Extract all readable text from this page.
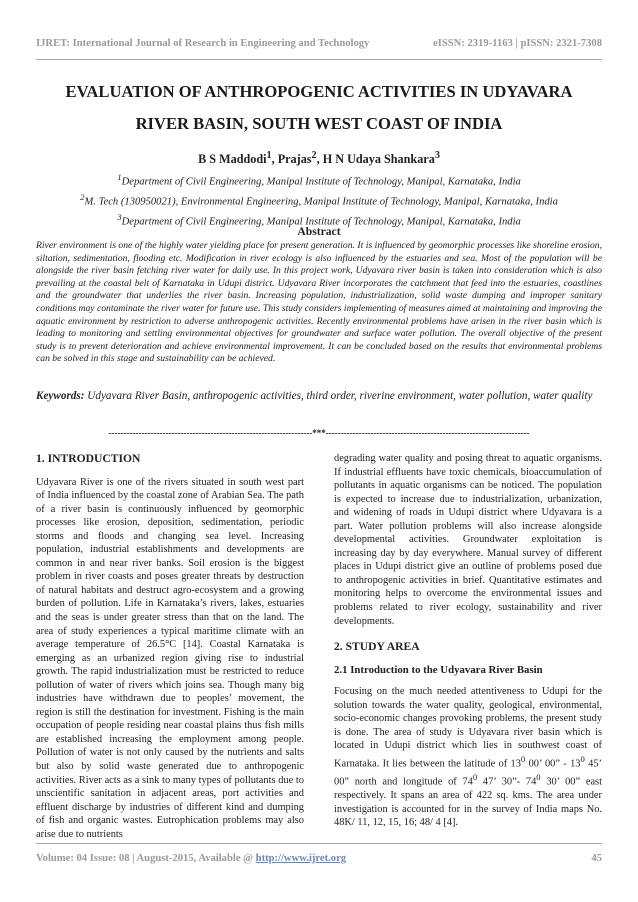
IJRET: International Journal of Research in Engineering and Technology	eISSN: 2319-1163 | pISSN: 2321-7308
EVALUATION OF ANTHROPOGENIC ACTIVITIES IN UDYAVARA
RIVER BASIN, SOUTH WEST COAST OF INDIA
B S Maddodi$^1$, Prajas$^2$, H N Udaya Shankara$^3$
$^1$Department of Civil Engineering, Manipal Institute of Technology, Manipal, Karnataka, India
$^2$M. Tech (130950021), Environmental Engineering, Manipal Institute of Technology, Manipal, Karnataka, India
$^3$Department of Civil Engineering, Manipal Institute of Technology, Manipal, Karnataka, India
Abstract
River environment is one of the highly water yielding place for present generation. It is influenced by geomorphic processes like shoreline erosion, siltation, sedimentation, flooding etc. Modification in river ecology is also influenced by the estuaries and sea. Most of the population will be alongside the river basin fetching river water for daily use. In this project work, Udyavara river basin is taken into consideration which is also prevailing at the coastal belt of Karnataka in Udupi district. Udyavara River incorporates the catchment that feed into the estuaries, coastlines and the groundwater that underlies the river basin. Increasing population, industrialization, solid waste dumping and improper sanitary conditions may contaminate the river water for future use. This study considers implementing of measures aimed at maintaining and improving the aquatic environment by restriction to adverse anthropogenic activities. Recently environmental problems have arisen in the river basin which is leading to monitoring and settling environmental objectives for groundwater and surface water pollution. The overall objective of the present study is to prevent deterioration and achieve environmental improvement. It can be concluded based on the results that environmental problems can be solved in this stage and sustainability can be achieved.
Keywords: Udyavara River Basin, anthropogenic activities, third order, riverine environment, water pollution, water quality
--------------------------------------------------------------------***--------------------------------------------------------------------
1. INTRODUCTION

Udyavara River is one of the rivers situated in south west part of India influenced by the coastal zone of Arabian Sea. The path of a river basin is continuously influenced by geomorphic processes like erosion, deposition, sedimentation, periodic storms and floods and changing sea level. Increasing population, industrial establishments and developments are common in and near river banks. Soil erosion is the biggest problem in river coasts and poses greater threats by destruction of natural habitats and destruct agro-ecosystem and a growing burden of pollution. Life in Karnataka’s rivers, lakes, estuaries and the seas is under greater stress than that on the land. The area of study experiences a typical maritime climate with an average temperature of 26.5°C [14]. Coastal Karnataka is emerging as an urbanized region giving rise to industrial growth. The rapid industrialization must be restricted to reduce pollution of water of rivers which joins sea. Though many big industries have withdrawn due to peoples’ movement, the region is still the destination for investment. Fishing is the main occupation of people residing near coastal plains thus fish mills are established increasing the employment among people. Pollution of water is not only caused by the nutrients and salts but also by solid waste generated due to anthropogenic activities. River acts as a sink to many types of pollutants due to unscientific sanitation in adjacent areas, port activities and effluent discharge by industries of different kind and dumping of fish and organic wastes. Eutrophication problems may also arise due to nutrients

degrading water quality and posing threat to aquatic organisms. If industrial effluents have toxic chemicals, bioaccumulation of pollutants in aquatic organisms can be noticed. The population is expected to increase due to industrialization, urbanization, and widening of roads in Udupi district where Udyavara is a part. Water pollution problems will also increase alongside developmental activities. Groundwater exploitation is increasing day by day everywhere. Manual survey of different places in Udupi district give an outline of problems posed due to anthropogenic activities in brief. Quantitative estimates and monitoring helps to overcome the environmental issues and problems related to river ecology, sustainability and river developments.

2. STUDY AREA
2.1 Introduction to the Udyavara River Basin

Focusing on the much needed attentiveness to Udupi for the solution towards the water quality, geological, environmental, socio-economic changes provoking problems, the present study is done. The area of study is Udyavara river basin which is located in Udupi district which lies in southwest coast of Karnataka. It lies between the latitude of $13^0$ 00’ 00” - $13^0$ 45’ 00” north and longitude of $74^0$ 47’ 30”- $74^0$ 30’ 00” east respectively. It spans an area of 422 sq. kms. The area under investigation is accounted for in the survey of India maps No. 48K/ 11, 12, 15, 16; 48/ 4 [4].

Volume: 04 Issue: 08 | August-2015, Available @ http://www.ijret.org	45
